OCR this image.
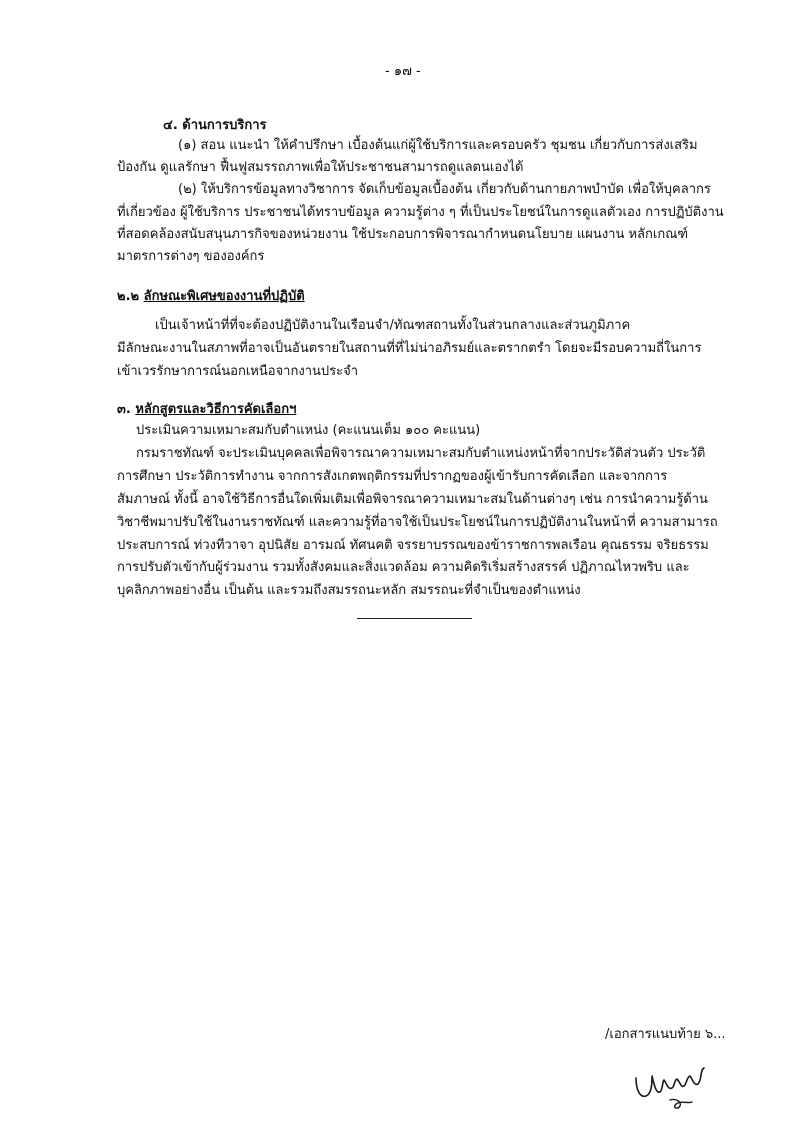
- ๑๗ -
๔. ด้านการบริการ
(๑) สอน แนะนำ ให้คำปรึกษา เบื้องต้นแก่ผู้ใช้บริการและครอบครัว ชุมชน เกี่ยวกับการส่งเสริม
ป้องกัน ดูแลรักษา ฟื้นฟูสมรรถภาพเพื่อให้ประชาชนสามารถดูแลตนเองได้
(๒) ให้บริการข้อมูลทางวิชาการ จัดเก็บข้อมูลเบื้องต้น เกี่ยวกับด้านกายภาพบำบัด เพื่อให้บุคลากร
ที่เกี่ยวข้อง ผู้ใช้บริการ ประชาชนได้ทราบข้อมูล ความรู้ต่าง ๆ ที่เป็นประโยชน์ในการดูแลตัวเอง การปฏิบัติงาน
ที่สอดคล้องสนับสนุนภารกิจของหน่วยงาน ใช้ประกอบการพิจารณากำหนดนโยบาย แผนงาน หลักเกณฑ์
มาตรการต่างๆ ขององค์กร
๒.๒ ลักษณะพิเศษของงานที่ปฏิบัติ
เป็นเจ้าหน้าที่ที่จะต้องปฏิบัติงานในเรือนจำ/ทัณฑสถานทั้งในส่วนกลางและส่วนภูมิภาค
มีลักษณะงานในสภาพที่อาจเป็นอันตรายในสถานที่ที่ไม่น่าอภิรมย์และตรากตรำ โดยจะมีรอบความถี่ในการ
เข้าเวรรักษาการณ์นอกเหนือจากงานประจำ
๓. หลักสูตรและวิธีการคัดเลือกฯ
ประเมินความเหมาะสมกับตำแหน่ง (คะแนนเต็ม ๑๐๐ คะแนน)
กรมราชทัณฑ์ จะประเมินบุคคลเพื่อพิจารณาความเหมาะสมกับตำแหน่งหน้าที่จากประวัติส่วนตัว ประวัติ
การศึกษา ประวัติการทำงาน จากการสังเกตพฤติกรรมที่ปรากฏของผู้เข้ารับการคัดเลือก และจากการ
สัมภาษณ์ ทั้งนี้ อาจใช้วิธีการอื่นใดเพิ่มเติมเพื่อพิจารณาความเหมาะสมในด้านต่างๆ เช่น การนำความรู้ด้าน
วิชาชีพมาปรับใช้ในงานราชทัณฑ์ และความรู้ที่อาจใช้เป็นประโยชน์ในการปฏิบัติงานในหน้าที่ ความสามารถ
ประสบการณ์ ท่วงทีวาจา อุปนิสัย อารมณ์ ทัศนคติ จรรยาบรรณของข้าราชการพลเรือน คุณธรรม จริยธรรม
การปรับตัวเข้ากับผู้ร่วมงาน รวมทั้งสังคมและสิ่งแวดล้อม ความคิดริเริ่มสร้างสรรค์ ปฏิภาณไหวพริบ และ
บุคลิกภาพอย่างอื่น เป็นต้น และรวมถึงสมรรถนะหลัก สมรรถนะที่จำเป็นของตำแหน่ง
/เอกสารแนบท้าย ๖...
